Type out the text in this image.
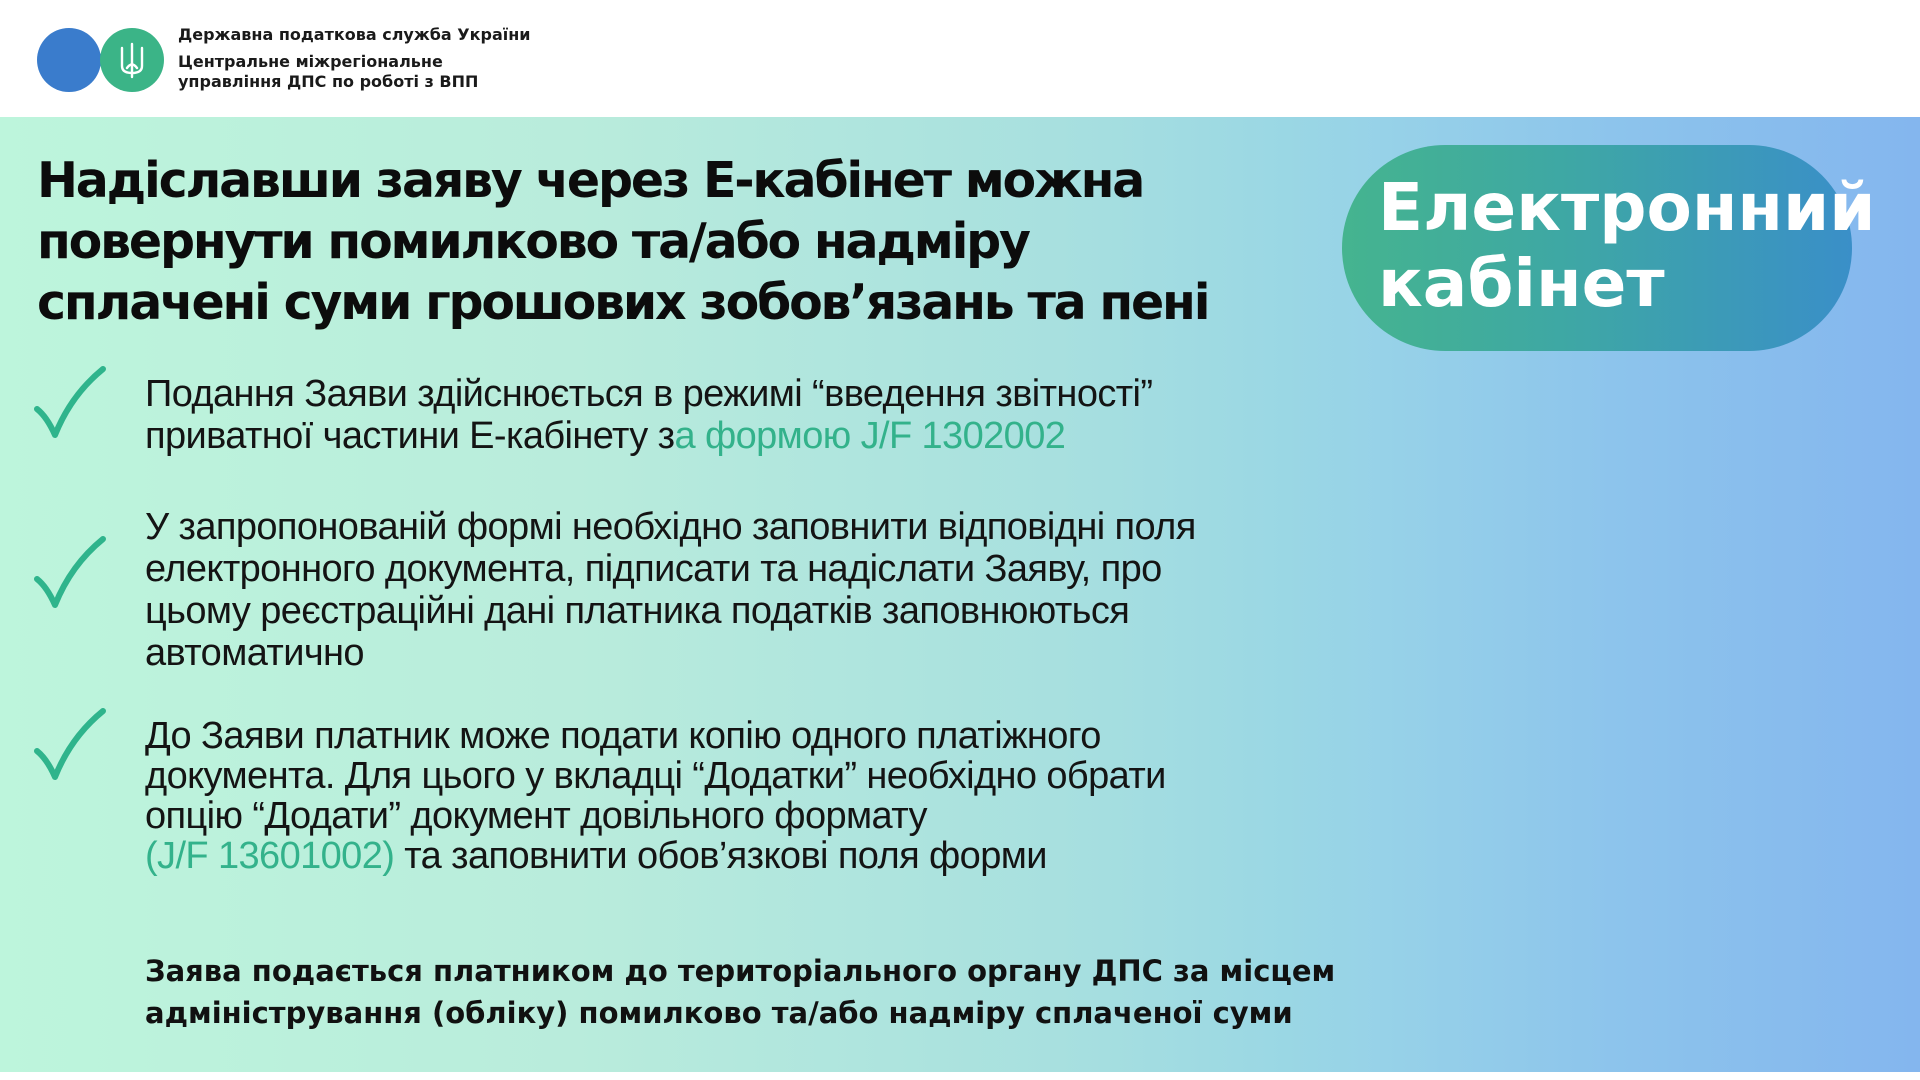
Державна податкова служба України
Центральне міжрегіональне
управління ДПС по роботі з ВПП
Надіславши заяву через Е-кабінет можна
повернути помилково та/або надміру
сплачені суми грошових зобов’язань та пені

Електронний
кабінет

Подання Заяви здійснюється в режимі “введення звітності”
приватної частини Е-кабінету за формою J/F 1302002
У запропонованій формі необхідно заповнити відповідні поля
електронного документа, підписати та надіслати Заяву, про
цьому реєстраційні дані платника податків заповнюються
автоматично
До Заяви платник може подати копію одного платіжного
документа. Для цього у вкладці “Додатки” необхідно обрати
опцію “Додати” документ довільного формату
(J/F 13601002) та заповнити обов’язкові поля форми
Заява подається платником до територіального органу ДПС за місцем
адміністрування (обліку) помилково та/або надміру сплаченої суми
